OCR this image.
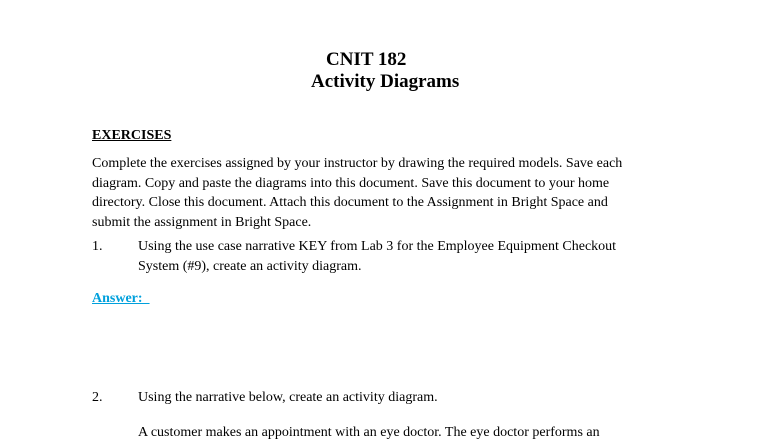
CNIT 182
Activity Diagrams
EXERCISES
Complete the exercises assigned by your instructor by drawing the required models. Save each
diagram. Copy and paste the diagrams into this document. Save this document to your home
directory. Close this document. Attach this document to the Assignment in Bright Space and
submit the assignment in Bright Space.
1.	Using the use case narrative KEY from Lab 3 for the Employee Equipment Checkout
System (#9), create an activity diagram.
Answer:
2.	Using the narrative below, create an activity diagram.
A customer makes an appointment with an eye doctor. The eye doctor performs an
